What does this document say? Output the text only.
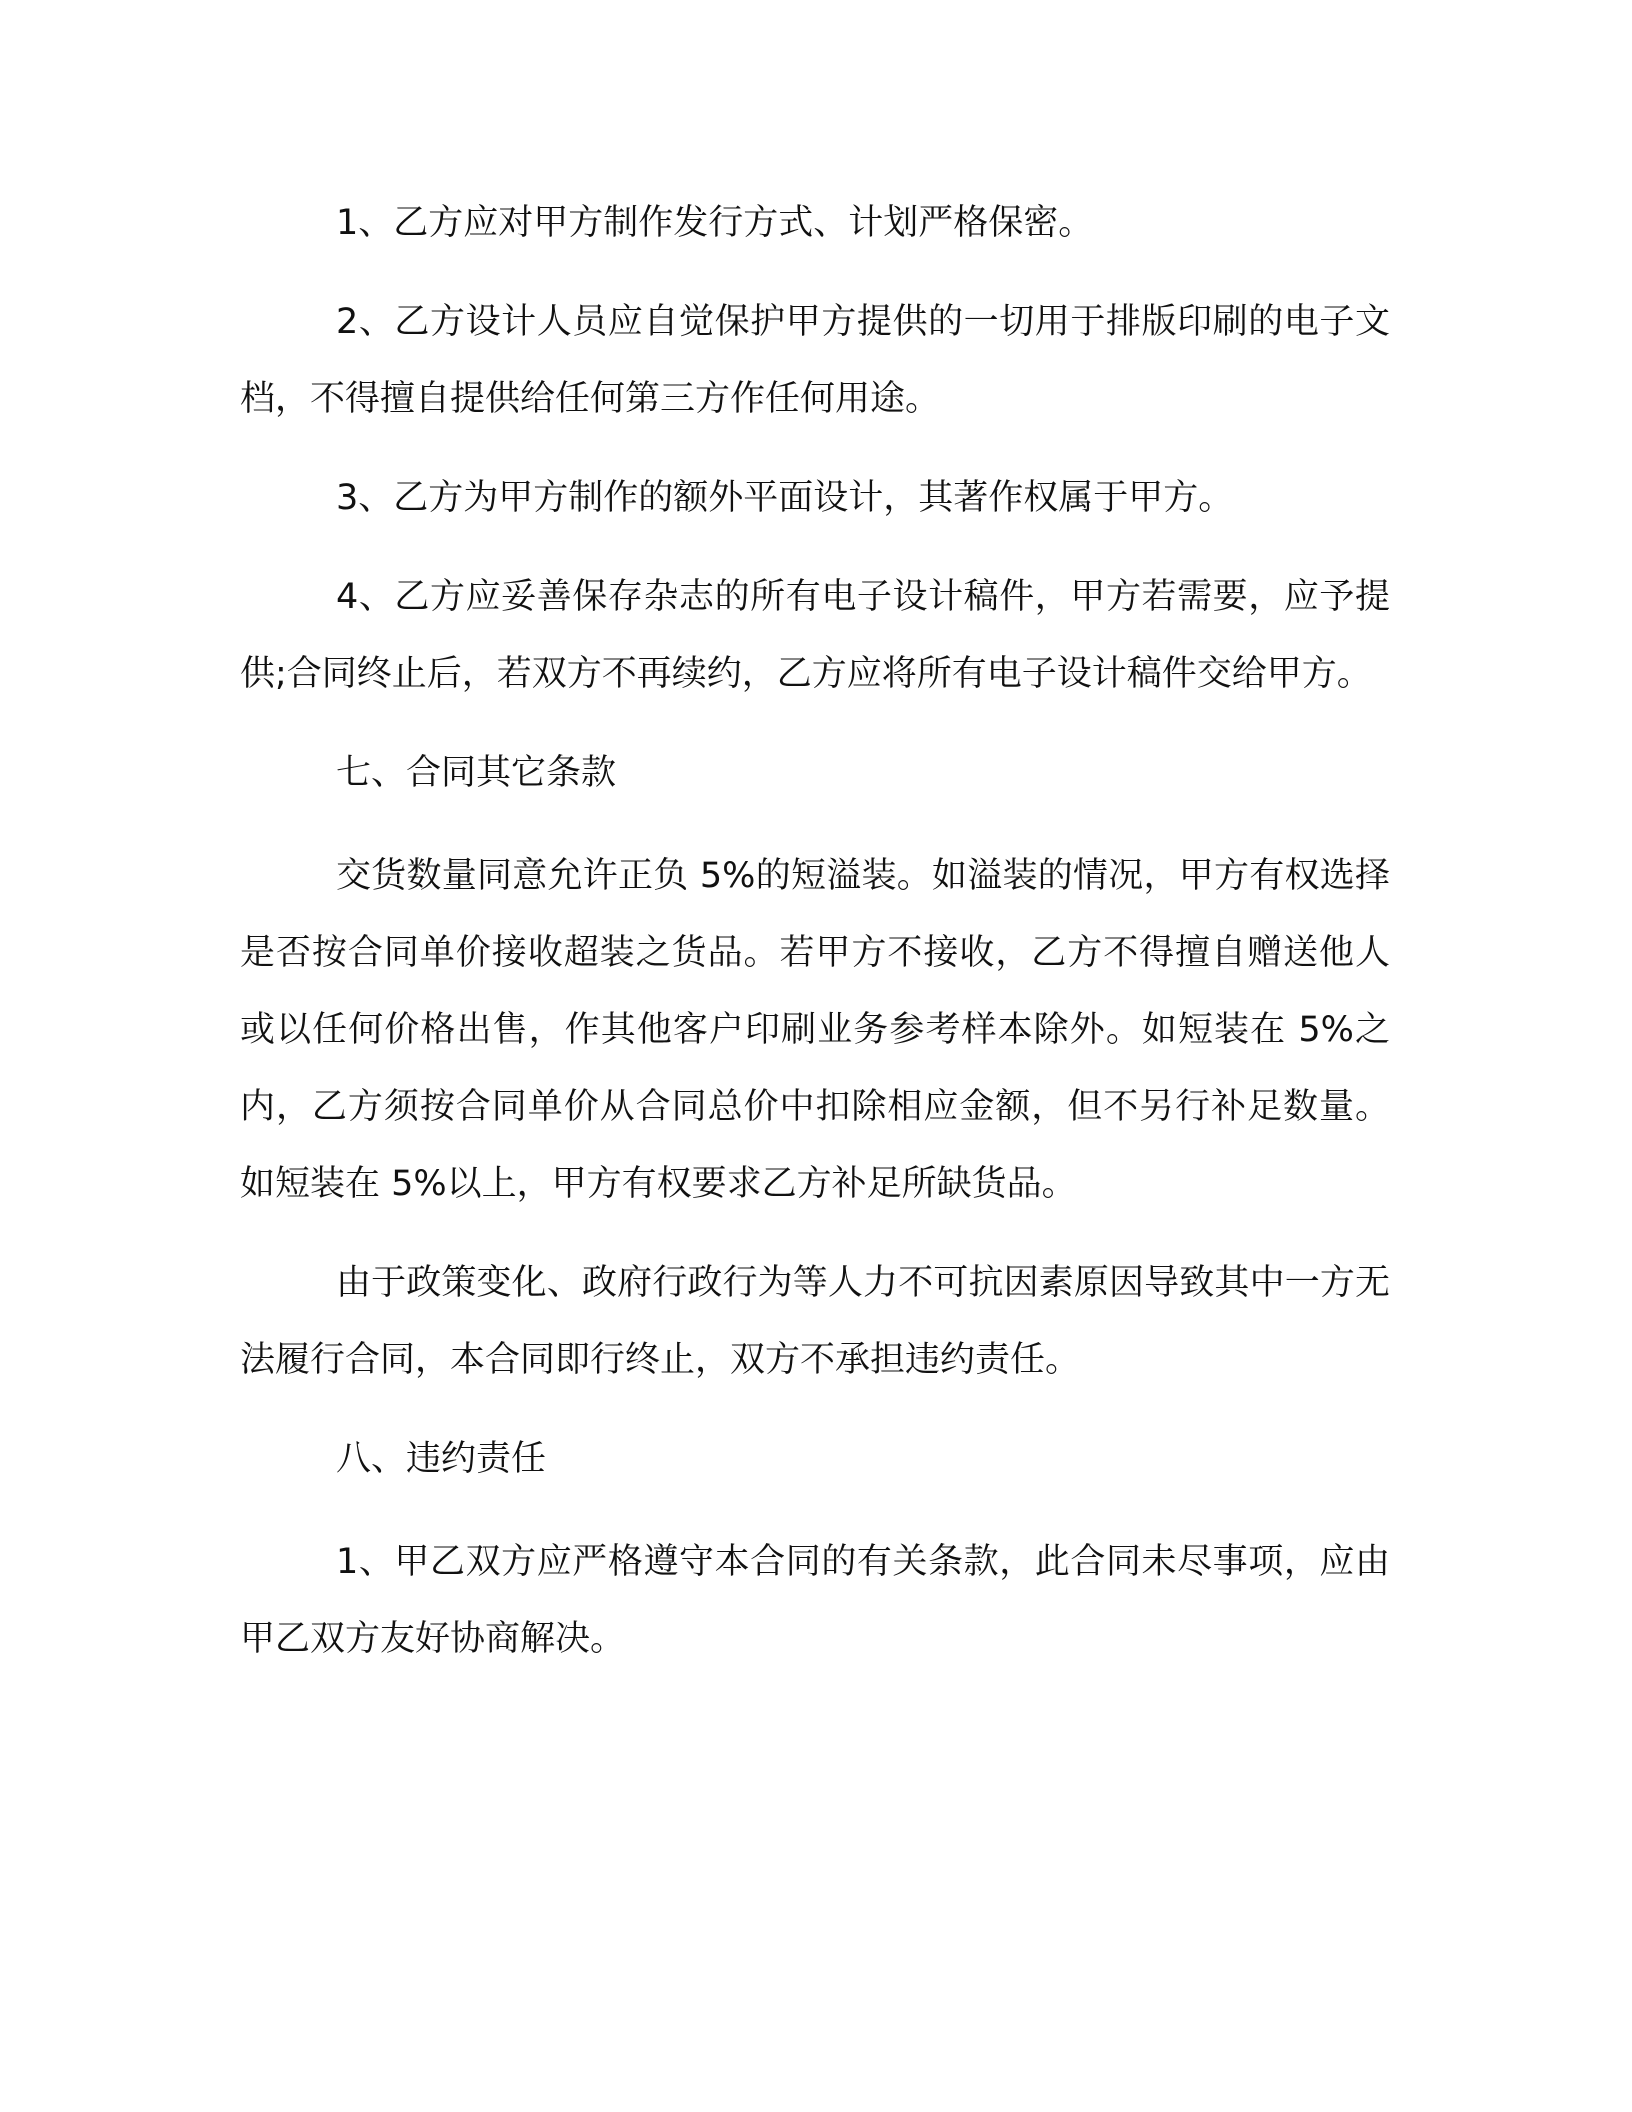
1、乙方应对甲方制作发行方式、计划严格保密。

2、乙方设计人员应自觉保护甲方提供的一切用于排版印刷的电子文档，不得擅自提供给任何第三方作任何用途。

3、乙方为甲方制作的额外平面设计，其著作权属于甲方。

4、乙方应妥善保存杂志的所有电子设计稿件，甲方若需要，应予提供;合同终止后，若双方不再续约，乙方应将所有电子设计稿件交给甲方。

七、合同其它条款

交货数量同意允许正负 5%的短溢装。如溢装的情况，甲方有权选择是否按合同单价接收超装之货品。若甲方不接收，乙方不得擅自赠送他人或以任何价格出售，作其他客户印刷业务参考样本除外。如短装在 5%之内，乙方须按合同单价从合同总价中扣除相应金额，但不另行补足数量。如短装在 5%以上，甲方有权要求乙方补足所缺货品。

由于政策变化、政府行政行为等人力不可抗因素原因导致其中一方无法履行合同，本合同即行终止，双方不承担违约责任。

八、违约责任

1、甲乙双方应严格遵守本合同的有关条款，此合同未尽事项，应由甲乙双方友好协商解决。
